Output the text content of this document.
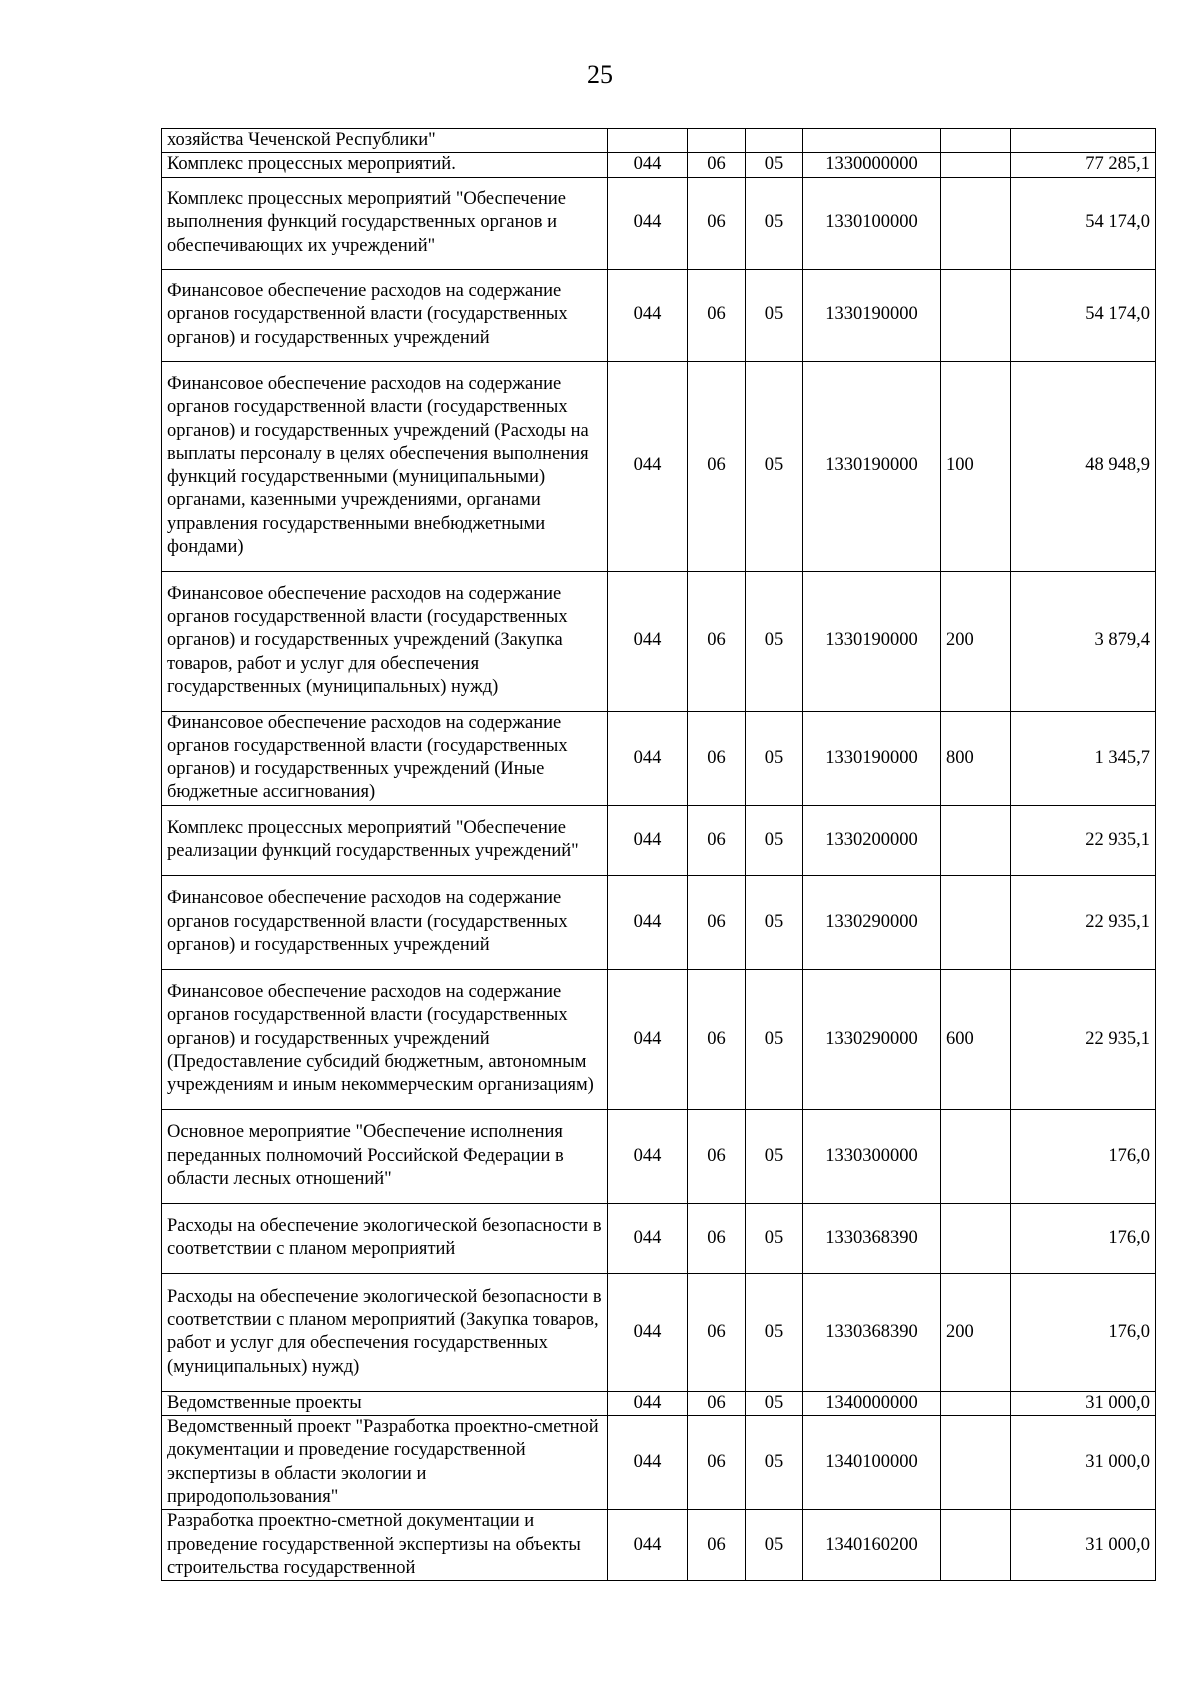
25
хозяйства Чеченской Республики"						
Комплекс процессных мероприятий.	044	06	05	1330000000		77 285,1
Комплекс процессных мероприятий "Обеспечение выполнения функций государственных органов и обеспечивающих их учреждений"	044	06	05	1330100000		54 174,0
Финансовое обеспечение расходов на содержание органов государственной власти (государственных органов) и государственных учреждений	044	06	05	1330190000		54 174,0
Финансовое обеспечение расходов на содержание органов государственной власти (государственных органов) и государственных учреждений (Расходы на выплаты персоналу в целях обеспечения выполнения функций государственными (муниципальными) органами, казенными учреждениями, органами управления государственными внебюджетными фондами)	044	06	05	1330190000	100	48 948,9
Финансовое обеспечение расходов на содержание органов государственной власти (государственных органов) и государственных учреждений (Закупка товаров, работ и услуг для обеспечения государственных (муниципальных) нужд)	044	06	05	1330190000	200	3 879,4
Финансовое обеспечение расходов на содержание органов государственной власти (государственных органов) и государственных учреждений (Иные бюджетные ассигнования)	044	06	05	1330190000	800	1 345,7
Комплекс процессных мероприятий "Обеспечение реализации функций государственных учреждений"	044	06	05	1330200000		22 935,1
Финансовое обеспечение расходов на содержание органов государственной власти (государственных органов) и государственных учреждений	044	06	05	1330290000		22 935,1
Финансовое обеспечение расходов на содержание органов государственной власти (государственных органов) и государственных учреждений (Предоставление субсидий бюджетным, автономным учреждениям и иным некоммерческим организациям)	044	06	05	1330290000	600	22 935,1
Основное мероприятие "Обеспечение исполнения переданных полномочий Российской Федерации в области лесных отношений"	044	06	05	1330300000		176,0
Расходы на обеспечение экологической безопасности в соответствии с планом мероприятий	044	06	05	1330368390		176,0
Расходы на обеспечение экологической безопасности в соответствии с планом мероприятий (Закупка товаров, работ и услуг для обеспечения государственных (муниципальных) нужд)	044	06	05	1330368390	200	176,0
Ведомственные проекты	044	06	05	1340000000		31 000,0
Ведомственный проект "Разработка проектно-сметной документации и проведение государственной экспертизы в области экологии и природопользования"	044	06	05	1340100000		31 000,0
Разработка проектно-сметной документации и проведение государственной экспертизы на объекты строительства государственной	044	06	05	1340160200		31 000,0
